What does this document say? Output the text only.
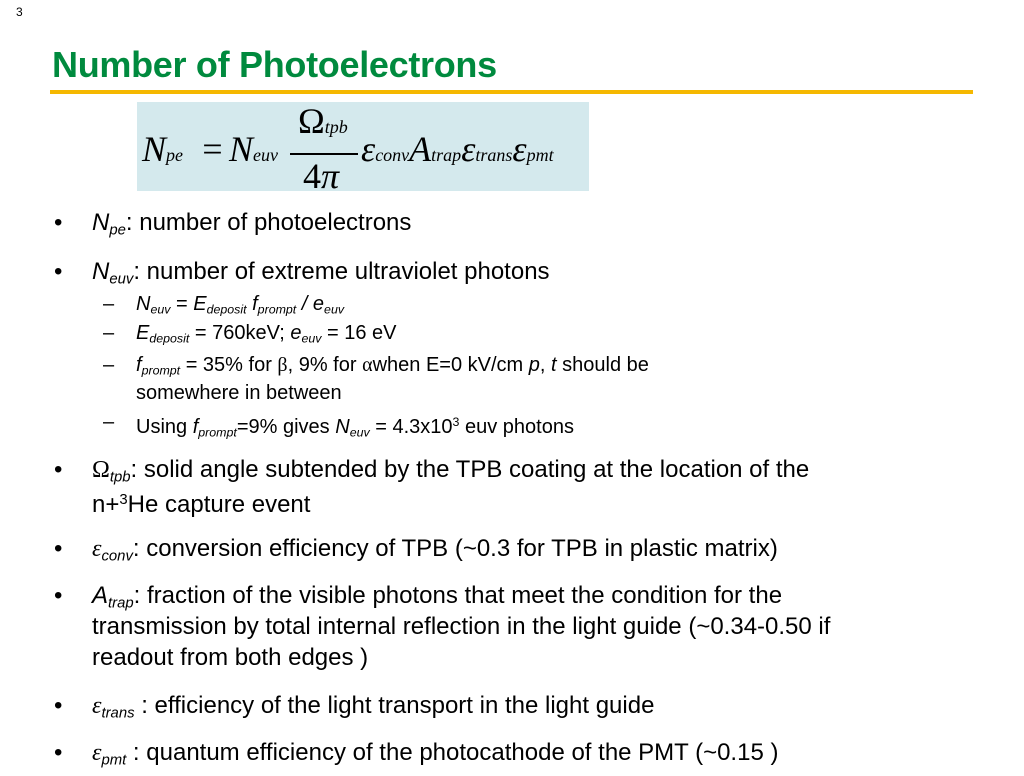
3
Number of Photoelectrons
Npe = Neuv
Ωtpb
4π
εconvAtrapεtransεpmt
• Npe: number of photoelectrons
• Neuv: number of extreme ultraviolet photons
– Neuv = Edeposit fprompt / eeuv
– Edeposit = 760keV; eeuv = 16 eV
– fprompt = 35% for β, 9% for αwhen E=0 kV/cm p, t should be
somewhere in between
– Using fprompt=9% gives Neuv = $4.3x10^3$ euv photons
• Ωtpb: solid angle subtended by the TPB coating at the location of the
n+$^3$He capture event
• εconv: conversion efficiency of TPB (~0.3 for TPB in plastic matrix)
• Atrap: fraction of the visible photons that meet the condition for the
transmission by total internal reflection in the light guide (~0.34-0.50 if
readout from both edges )
• εtrans : efficiency of the light transport in the light guide
• εpmt : quantum efficiency of the photocathode of the PMT (~0.15 )
